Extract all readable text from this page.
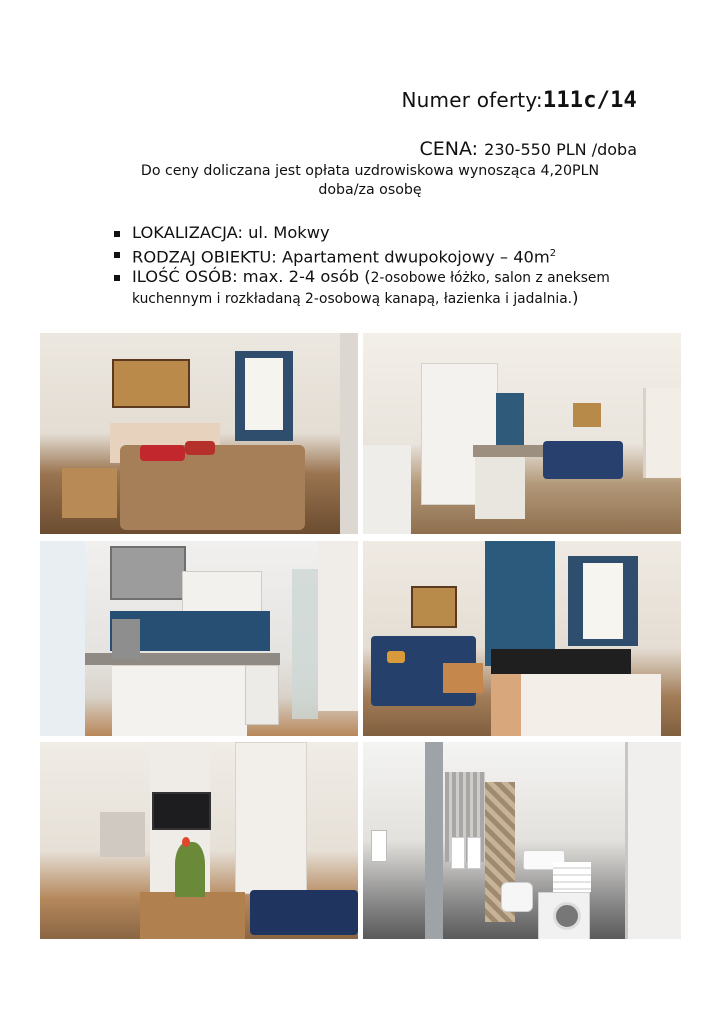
Numer oferty:111c/14
CENA: 230-550 PLN /doba
Do ceny doliczana jest opłata uzdrowiskowa wynosząca 4,20PLN
doba/za osobę
LOKALIZACJA: ul. Mokwy
RODZAJ OBIEKTU: Apartament dwupokojowy – $40m^2$
ILOŚĆ OSÓB: max. 2-4 osób (2-osobowe łóżko, salon z aneksem kuchennym i rozkładaną 2-osobową kanapą, łazienka i jadalnia.)
